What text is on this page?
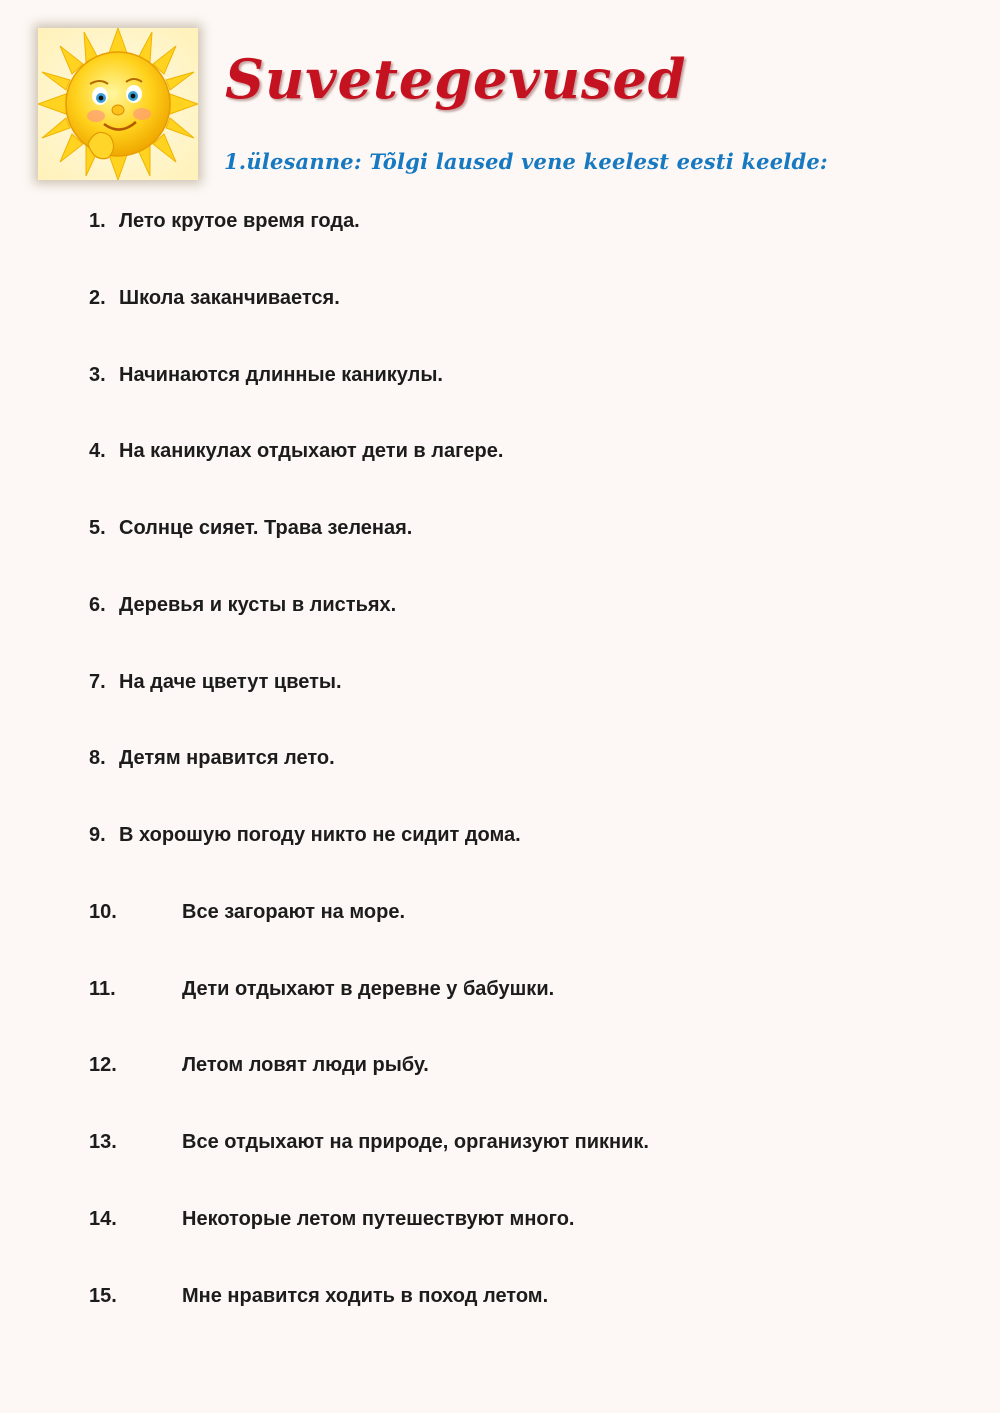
Suvetegevused
1.ülesanne: Tõlgi laused vene keelest eesti keelde:
1. Лето крутое время года.
2. Школа заканчивается.
3. Начинаются длинные каникулы.
4. На каникулах отдыхают дети в лагере.
5. Солнце сияет. Трава зеленая.
6. Деревья и кусты в листьях.
7. На даче цветут цветы.
8. Детям нравится лето.
9. В хорошую погоду никто не сидит дома.
10.	Все загорают на море.
11.	Дети отдыхают в деревне у бабушки.
12.	Летом ловят люди рыбу.
13.	Все отдыхают на природе, организуют пикник.
14.	Некоторые летом путешествуют много.
15.	Мне нравится ходить в поход летом.
